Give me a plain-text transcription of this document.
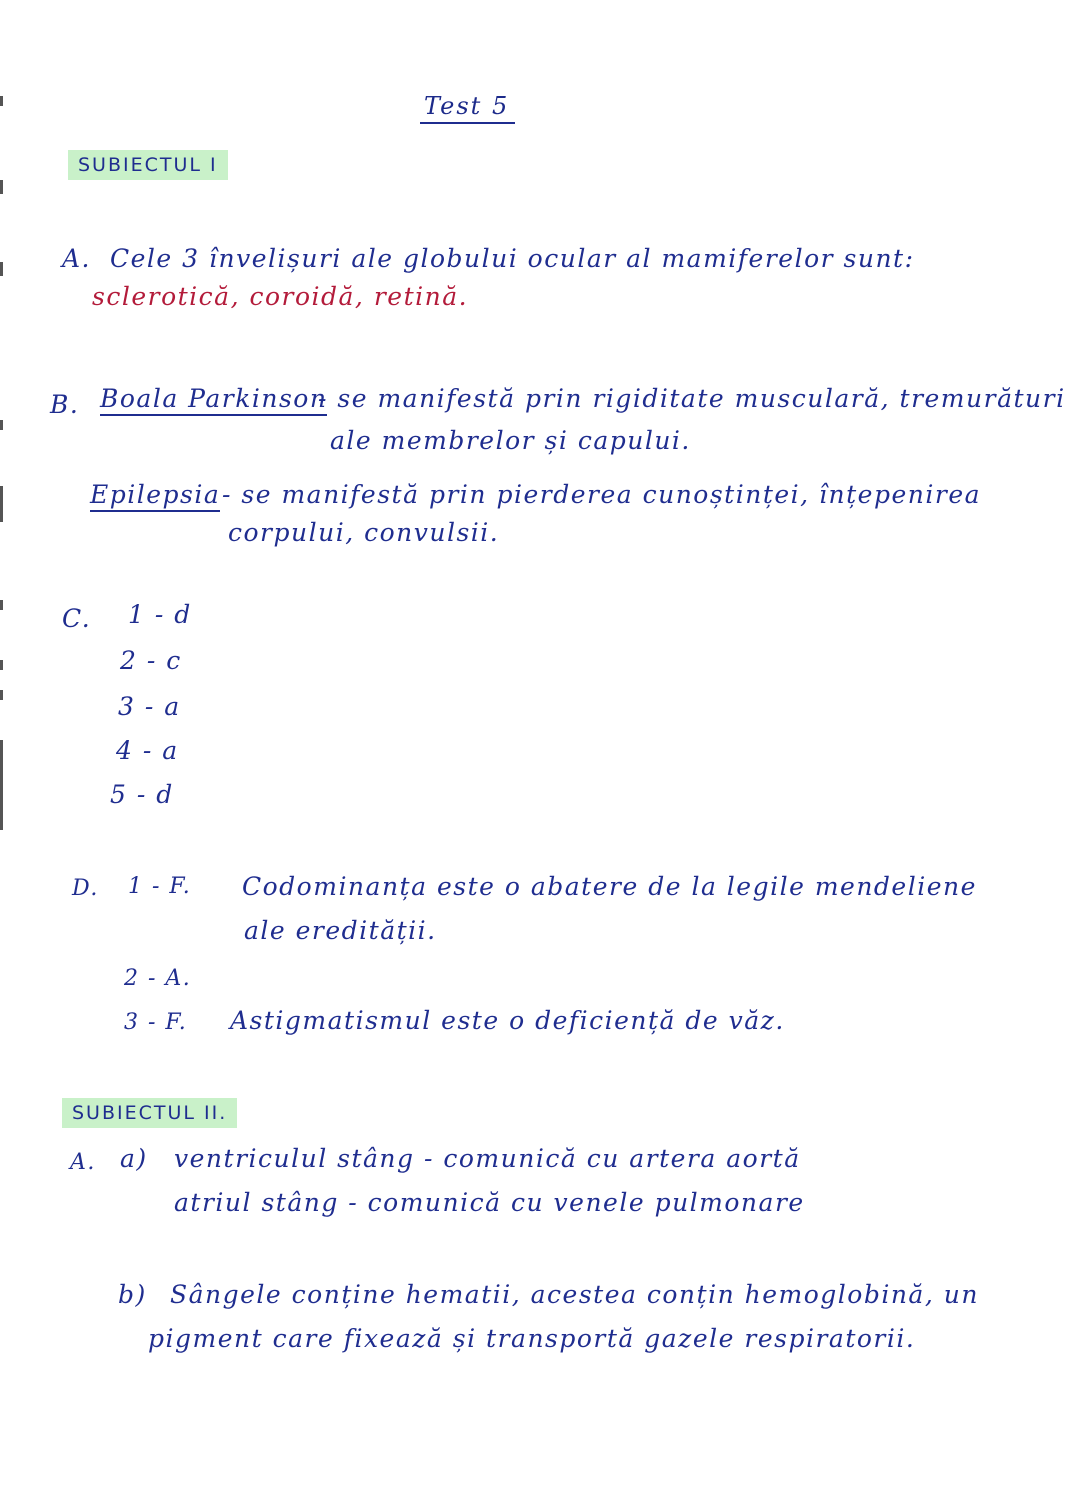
Test 5
SUBIECTUL I
A. Cele 3 învelișuri ale globului ocular al mamiferelor sunt:
sclerotică, coroidă, retină.
B. Boala Parkinson
- se manifestă prin rigiditate musculară, tremurături
ale membrelor și capului.
Epilepsia - se manifestă prin pierderea cunoștinței, înțepenirea
corpului, convulsii.
C. 1 - d
2 - c
3 - a
4 - a
5 - d
D. 1 - F. Codominanța este o abatere de la legile mendeliene
ale eredității.
2 - A.
3 - F. Astigmatismul este o deficiență de văz.
SUBIECTUL II.
A. a) ventriculul stâng - comunică cu artera aortă
atriul stâng - comunică cu venele pulmonare
b) Sângele conține hematii, acestea conțin hemoglobină, un
pigment care fixează și transportă gazele respiratorii.
